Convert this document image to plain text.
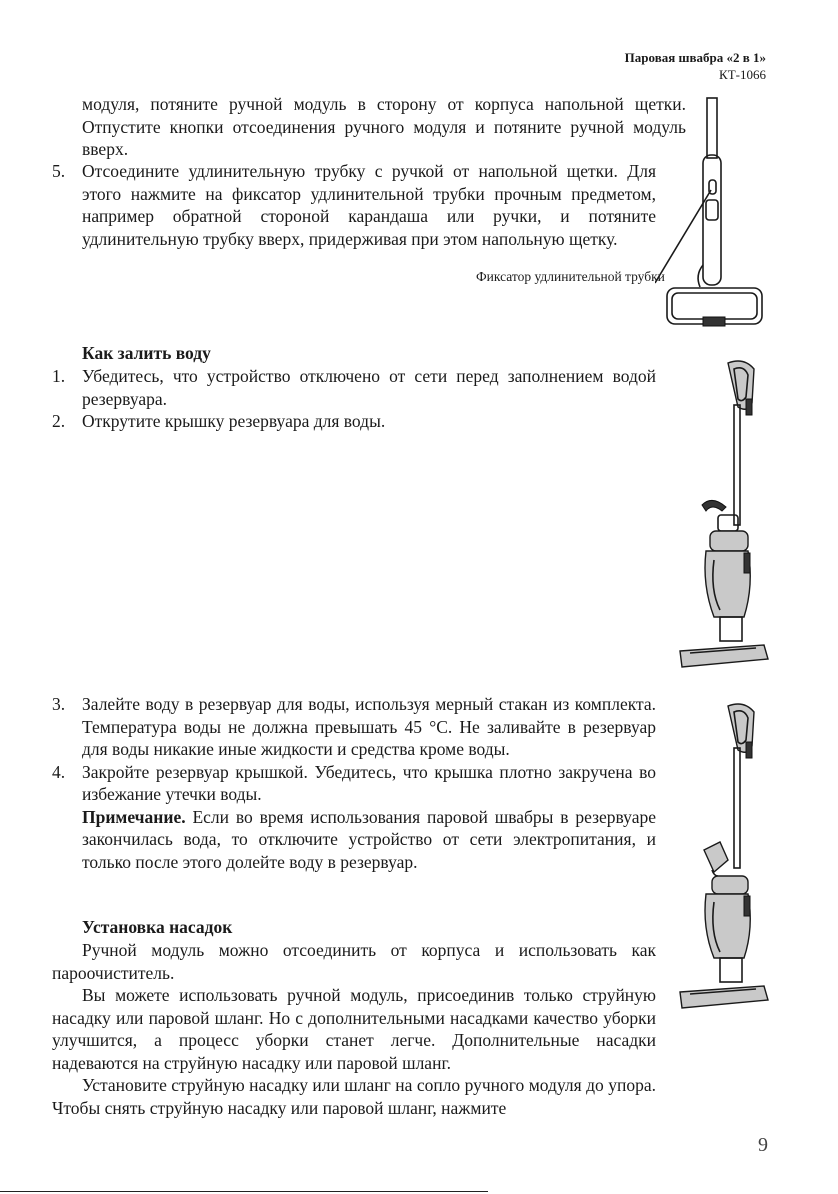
Паровая швабра «2 в 1»
КТ-1066
модуля, потяните ручной модуль в сторону от корпуса напольной щетки. Отпустите кнопки отсоединения ручного модуля и потяните ручной модуль вверх.
5. Отсоедините удлинительную трубку с ручкой от напольной щетки. Для этого нажмите на фиксатор удлинительной трубки прочным предметом, например обратной стороной карандаша или ручки, и потяните удлинительную трубку вверх, придерживая при этом напольную щетку.
Фиксатор удлинительной трубки
Как залить воду
1. Убедитесь, что устройство отключено от сети перед заполнением водой резервуара.
2. Открутите крышку резервуара для воды.
3. Залейте воду в резервуар для воды, используя мерный стакан из комплекта. Температура воды не должна превышать 45 °С. Не заливайте в резервуар для воды никакие иные жидкости и средства кроме воды.
4. Закройте резервуар крышкой. Убедитесь, что крышка плотно закручена во избежание утечки воды.
Примечание. Если во время использования паровой швабры в резервуаре закончилась вода, то отключите устройство от сети электропитания, и только после этого долейте воду в резервуар.
Установка насадок
Ручной модуль можно отсоединить от корпуса и использовать как пароочиститель.
Вы можете использовать ручной модуль, присоединив только струйную насадку или паровой шланг. Но с дополнительными насадками качество уборки улучшится, а процесс уборки станет легче. Дополнительные насадки надеваются на струйную насадку или паровой шланг.
Установите струйную насадку или шланг на сопло ручного модуля до упора. Чтобы снять струйную насадку или паровой шланг, нажмите
9
